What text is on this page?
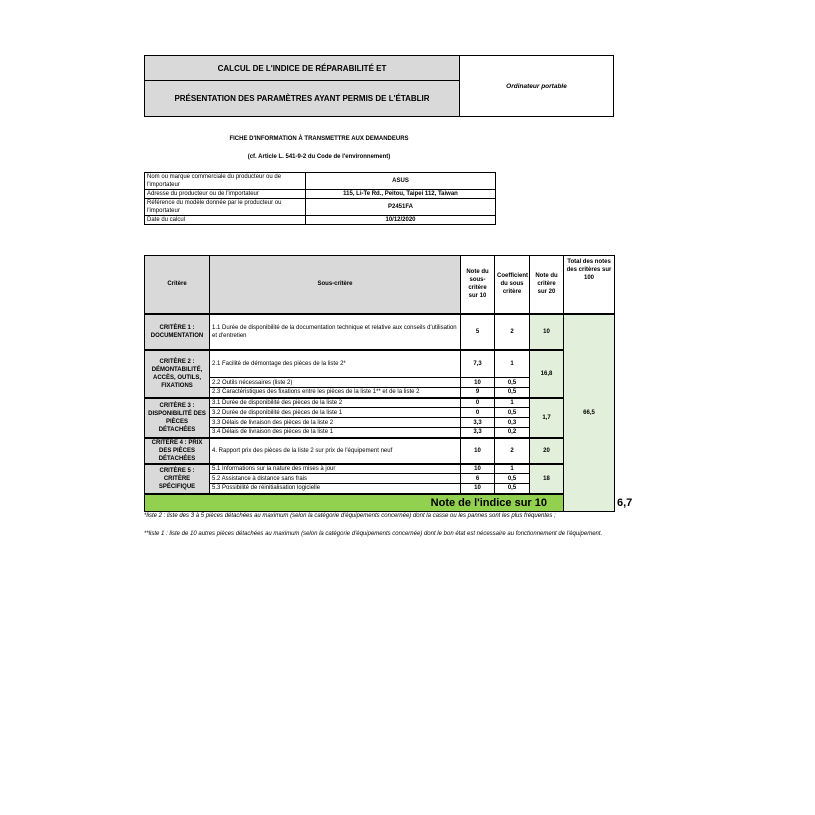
CALCUL DE L'INDICE DE RÉPARABILITÉ ET
PRÉSENTATION DES PARAMÈTRES AYANT PERMIS DE L'ÉTABLIR
Ordinateur portable
FICHE D'INFORMATION À TRANSMETTRE AUX DEMANDEURS
(cf. Article L. 541-9-2 du Code de l'environnement)
Nom ou marque commerciale du producteur ou de l'importateur	ASUS
Adresse du producteur ou de l'importateur	115, Li-Te Rd., Peitou, Taipei 112, Taiwan
Référence du modèle donnée par le producteur ou l'importateur	P2451FA
Date du calcul	10/12/2020
Critère	Sous-critère	Note du sous-critère sur 10	Coefficient du sous critère	Note du critère sur 20	Total des notes des critères sur 100	
CRITÈRE 1 : DOCUMENTATION	1.1 Durée de disponibilité de la documentation technique et relative aux conseils d'utilisation et d'entretien	5	2	10	66,5	
CRITÈRE 2 : DÉMONTABILITÉ, ACCÈS, OUTILS, FIXATIONS	2.1 Facilité de démontage des pièces de la liste 2*	7,3	1	16,8		
	2.2 Outils nécessaires (liste 2)	10	0,5			
	2.3 Caractéristiques des fixations entre les pièces de la liste 1** et de la liste 2	9	0,5			
CRITÈRE 3 : DISPONIBILITÉ DES PIÈCES DÉTACHÉES	3.1 Durée de disponibilité des pièces de la liste 2	0	1	1,7		
	3.2 Durée de disponibilité des pièces de la liste 1	0	0,5			
	3.3 Délais de livraison des pièces de la liste 2	3,3	0,3			
	3.4 Délais de livraison des pièces de la liste 1	3,3	0,2			
CRITÈRE 4 : PRIX DES PIÈCES DÉTACHÉES	4. Rapport prix des pièces de la liste 2 sur prix de l'équipement neuf	10	2	20		
CRITÈRE 5 : CRITÈRE SPÉCIFIQUE	5.1 Informations sur la nature des mises à jour	10	1	18		
	5.2 Assistance à distance sans frais	6	0,5			
	5.3 Possibilité de réinitialisation logicielle	10	0,5			
Note de l'indice sur 10						6,7
*liste 2 : liste des 3 à 5 pièces détachées au maximum (selon la catégorie d'équipements concernée) dont la casse ou les pannes sont les plus fréquentes ;
**liste 1 : liste de 10 autres pièces détachées au maximum (selon la catégorie d'équipements concernée) dont le bon état est nécessaire au fonctionnement de l'équipement.
